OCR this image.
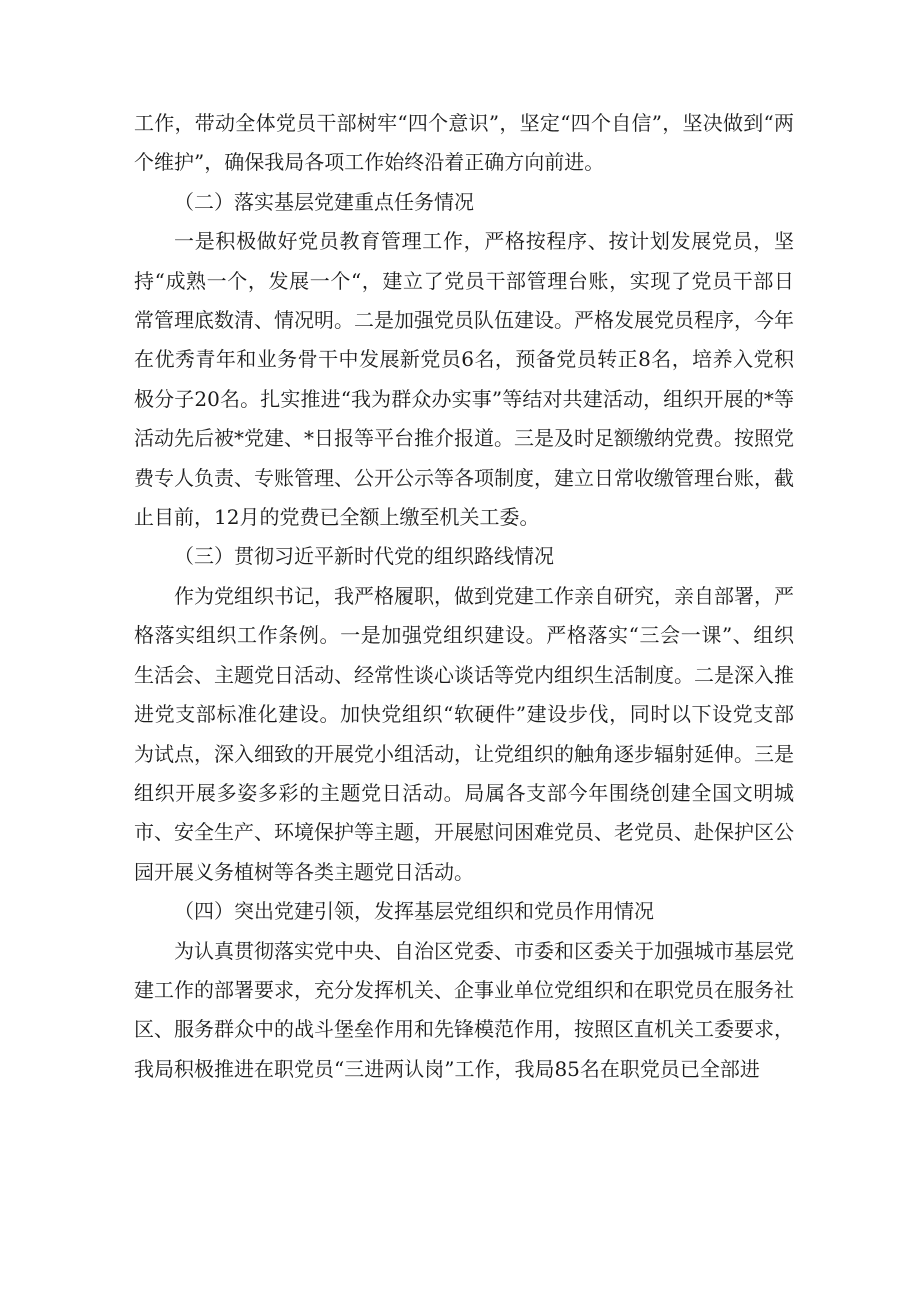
工作，带动全体党员干部树牢“四个意识”，坚定“四个自信”，坚决做到“两个维护”，确保我局各项工作始终沿着正确方向前进。

（二）落实基层党建重点任务情况

一是积极做好党员教育管理工作，严格按程序、按计划发展党员，坚持“成熟一个，发展一个“，建立了党员干部管理台账，实现了党员干部日常管理底数清、情况明。二是加强党员队伍建设。严格发展党员程序，今年在优秀青年和业务骨干中发展新党员6名，预备党员转正8名，培养入党积极分子20名。扎实推进“我为群众办实事”等结对共建活动，组织开展的*等活动先后被*党建、*日报等平台推介报道。三是及时足额缴纳党费。按照党费专人负责、专账管理、公开公示等各项制度，建立日常收缴管理台账，截止目前，12月的党费已全额上缴至机关工委。

（三）贯彻习近平新时代党的组织路线情况

作为党组织书记，我严格履职，做到党建工作亲自研究，亲自部署，严格落实组织工作条例。一是加强党组织建设。严格落实“三会一课”、组织生活会、主题党日活动、经常性谈心谈话等党内组织生活制度。二是深入推进党支部标准化建设。加快党组织“软硬件”建设步伐，同时以下设党支部为试点，深入细致的开展党小组活动，让党组织的触角逐步辐射延伸。三是组织开展多姿多彩的主题党日活动。局属各支部今年围绕创建全国文明城市、安全生产、环境保护等主题，开展慰问困难党员、老党员、赴保护区公园开展义务植树等各类主题党日活动。

（四）突出党建引领，发挥基层党组织和党员作用情况

为认真贯彻落实党中央、自治区党委、市委和区委关于加强城市基层党建工作的部署要求，充分发挥机关、企事业单位党组织和在职党员在服务社区、服务群众中的战斗堡垒作用和先锋模范作用，按照区直机关工委要求，我局积极推进在职党员“三进两认岗”工作，我局85名在职党员已全部进
